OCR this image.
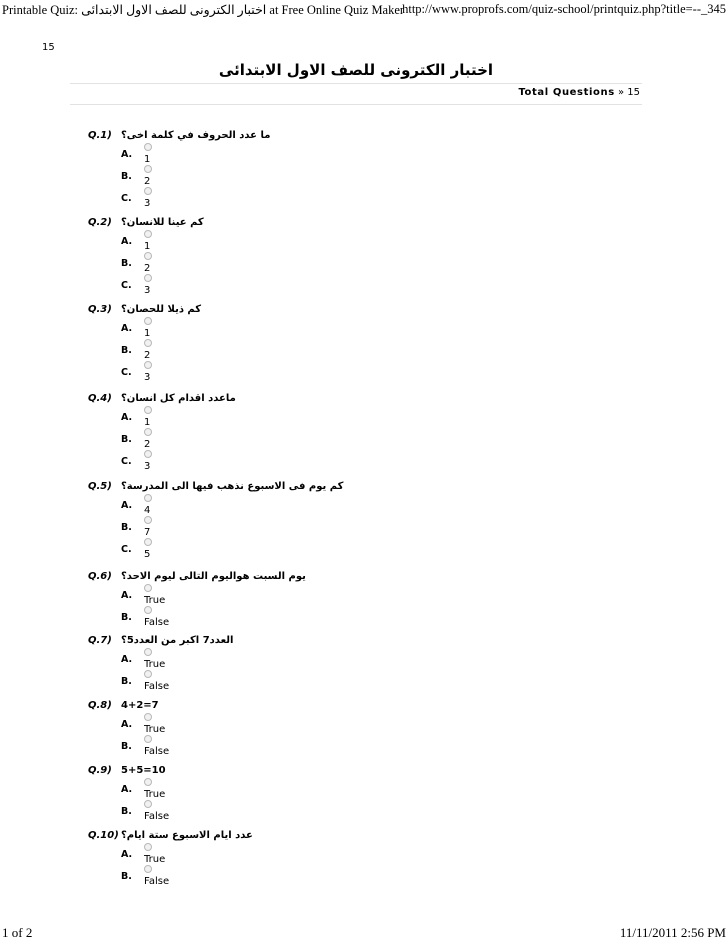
Printable Quiz: اختبار الكترونى للصف الاول الابتدائى at Free Online Quiz Maker
http://www.proprofs.com/quiz-school/printquiz.php?title=--_345
15
اختبار الكترونى للصف الاول الابتدائى
Total Questions » 15
Q.1) ما عدد الحروف في كلمة اخى؟
A. 1
B. 2
C. 3
Q.2) كم عينا للانسان؟
A. 1
B. 2
C. 3
Q.3) كم ذيلا للحصان؟
A. 1
B. 2
C. 3
Q.4) ماعدد اقدام كل انسان؟
A. 1
B. 2
C. 3
Q.5) كم يوم فى الاسبوع نذهب فيها الى المدرسة؟
A. 4
B. 7
C. 5
Q.6) يوم السبت هواليوم التالى ليوم الاحد؟
A. True
B. False
Q.7) العدد7 اكبر من العدد5؟
A. True
B. False
Q.8) 4+2=7
A. True
B. False
Q.9) 5+5=10
A. True
B. False
Q.10) عدد ايام الاسبوع ستة ايام؟
A. True
B. False
1 of 2	11/11/2011 2:56 PM
